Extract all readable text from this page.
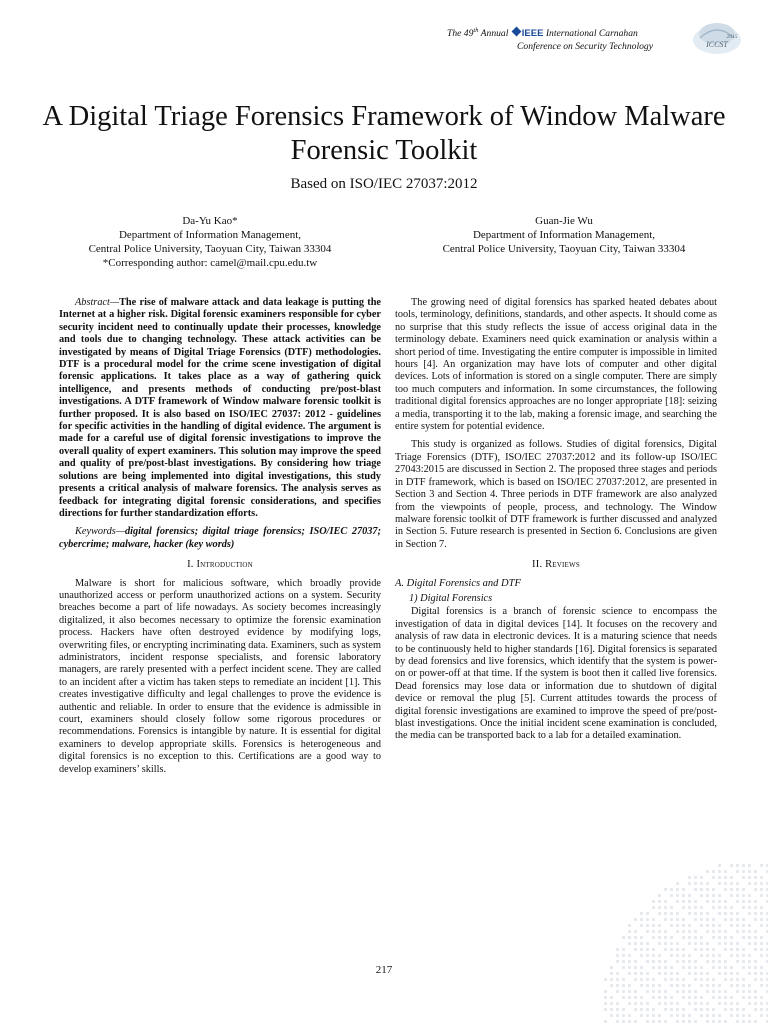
The 49th Annual IEEE International Carnahan
Conference on Security Technology	ICCST
2015
A Digital Triage Forensics Framework of Window Malware Forensic Toolkit
Based on ISO/IEC 27037:2012
Da-Yu Kao*
Department of Information Management,
Central Police University, Taoyuan City, Taiwan 33304
*Corresponding author: camel@mail.cpu.edu.tw
Guan-Jie Wu
Department of Information Management,
Central Police University, Taoyuan City, Taiwan 33304

Abstract—The rise of malware attack and data leakage is putting the Internet at a higher risk. Digital forensic examiners responsible for cyber security incident need to continually update their processes, knowledge and tools due to changing technology. These attack activities can be investigated by means of Digital Triage Forensics (DTF) methodologies. DTF is a procedural model for the crime scene investigation of digital forensic applications. It takes place as a way of gathering quick intelligence, and presents methods of conducting pre/post-blast investigations. A DTF framework of Window malware forensic toolkit is further proposed. It is also based on ISO/IEC 27037: 2012 - guidelines for specific activities in the handling of digital evidence. The argument is made for a careful use of digital forensic investigations to improve the overall quality of expert examiners. This solution may improve the speed and quality of pre/post-blast investigations. By considering how triage solutions are being implemented into digital investigations, this study presents a critical analysis of malware forensics. The analysis serves as feedback for integrating digital forensic considerations, and specifies directions for further standardization efforts.

Keywords—digital forensics; digital triage forensics; ISO/IEC 27037; cybercrime; malware, hacker (key words)

I. Introduction

Malware is short for malicious software, which broadly provide unauthorized access or perform unauthorized actions on a system. Security breaches become a part of life nowadays. As society becomes increasingly digitalized, it also becomes necessary to optimize the forensic examination process. Hackers have often destroyed evidence by modifying logs, overwriting files, or encrypting incriminating data. Examiners, such as system administrators, incident response specialists, and forensic laboratory managers, are rarely presented with a perfect incident scene. They are called to an incident after a victim has taken steps to remediate an incident [1]. This creates investigative difficulty and legal challenges to prove the evidence is authentic and reliable. In order to ensure that the evidence is admissible in court, examiners should closely follow some rigorous procedures or recommendations. Forensics is intangible by nature. It is essential for digital examiners to develop appropriate skills. Forensics is heterogeneous and digital forensics is no exception to this. Certifications are a good way to develop examiners’ skills.

The growing need of digital forensics has sparked heated debates about tools, terminology, definitions, standards, and other aspects. It should come as no surprise that this study reflects the issue of access original data in the terminology debate. Examiners need quick examination or analysis within a short period of time. Investigating the entire computer is impossible in limited hours [4]. An organization may have lots of computer and other digital devices. Lots of information is stored on a single computer. There are simply too much computers and information. In some circumstances, the following traditional digital forensics approaches are no longer appropriate [18]: seizing a media, transporting it to the lab, making a forensic image, and searching the entire system for potential evidence.

This study is organized as follows. Studies of digital forensics, Digital Triage Forensics (DTF), ISO/IEC 27037:2012 and its follow-up ISO/IEC 27043:2015 are discussed in Section 2. The proposed three stages and periods in DTF framework, which is based on ISO/IEC 27037:2012, are presented in Section 3 and Section 4. Three periods in DTF framework are also analyzed from the viewpoints of people, process, and technology. The Window malware forensic toolkit of DTF framework is further discussed and analyzed in Section 5. Future research is presented in Section 6. Conclusions are given in Section 7.

II. Reviews
A. Digital Forensics and DTF
1) Digital Forensics

Digital forensics is a branch of forensic science to encompass the investigation of data in digital devices [14]. It focuses on the recovery and analysis of raw data in electronic devices. It is a maturing science that needs to be continuously held to higher standards [16]. Digital forensics is separated by dead forensics and live forensics, which identify that the system is power-on or power-off at that time. If the system is boot then it called live forensics. Dead forensics may lose data or information due to shutdown of digital device or removal the plug [5]. Current attitudes towards the process of digital forensic investigations are examined to improve the speed of pre/post-blast investigations. Once the initial incident scene examination is concluded, the media can be transported back to a lab for a detailed examination.

217
